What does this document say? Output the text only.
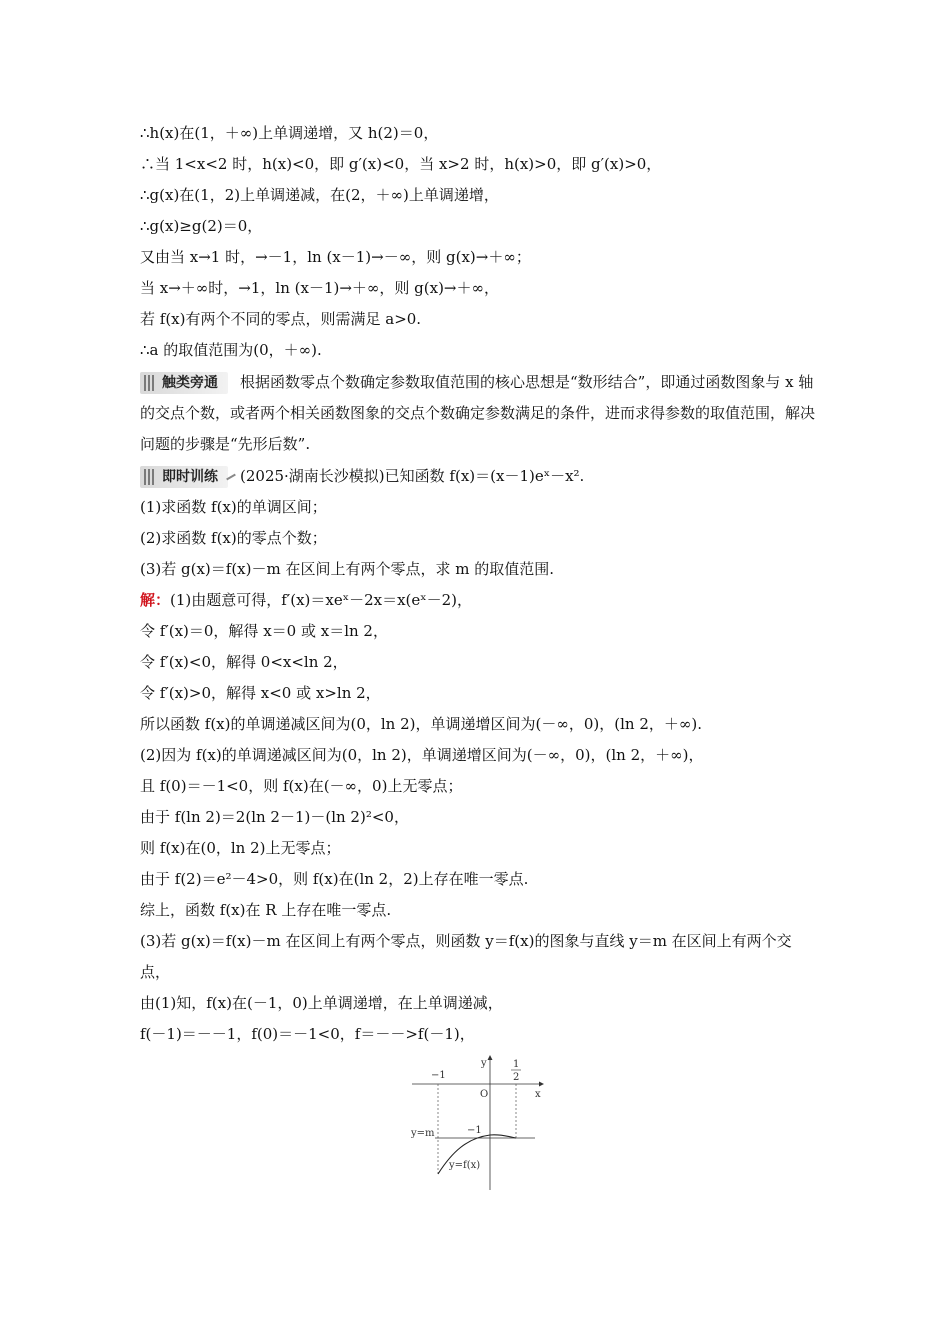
∴h(x)在(1，＋∞)上单调递增，又 h(2)＝0，
∴当 1<x<2 时，h(x)<0，即 g′(x)<0，当 x>2 时，h(x)>0，即 g′(x)>0，
∴g(x)在(1，2)上单调递减，在(2，＋∞)上单调递增，
∴g(x)≥g(2)＝0，
又由当 x→1 时，→－1，ln (x－1)→－∞，则 g(x)→＋∞；
当 x→＋∞时，→1，ln (x－1)→＋∞，则 g(x)→＋∞，
若 f(x)有两个不同的零点，则需满足 a>0.
∴a 的取值范围为(0，＋∞).
触类旁通 根据函数零点个数确定参数取值范围的核心思想是“数形结合”，即通过函数图象与 x 轴的交点个数，或者两个相关函数图象的交点个数确定参数满足的条件，进而求得参数的取值范围，解决问题的步骤是“先形后数”.
即时训练 (2025·湖南长沙模拟)已知函数 f(x)＝(x－1)eˣ－x².
(1)求函数 f(x)的单调区间；
(2)求函数 f(x)的零点个数；
(3)若 g(x)＝f(x)－m 在区间上有两个零点，求 m 的取值范围.
解：(1)由题意可得，f′(x)＝xeˣ－2x＝x(eˣ－2)，
令 f′(x)＝0，解得 x＝0 或 x＝ln 2，
令 f′(x)<0，解得 0<x<ln 2，
令 f′(x)>0，解得 x<0 或 x>ln 2，
所以函数 f(x)的单调递减区间为(0，ln 2)，单调递增区间为(－∞，0)，(ln 2，＋∞).
(2)因为 f(x)的单调递减区间为(0，ln 2)，单调递增区间为(－∞，0)，(ln 2，＋∞)，
且 f(0)＝－1<0，则 f(x)在(－∞，0)上无零点；
由于 f(ln 2)＝2(ln 2－1)－(ln 2)²<0，
则 f(x)在(0，ln 2)上无零点；
由于 f(2)＝e²－4>0，则 f(x)在(ln 2，2)上存在唯一零点.
综上，函数 f(x)在 R 上存在唯一零点.
(3)若 g(x)＝f(x)－m 在区间上有两个零点，则函数 y＝f(x)的图象与直线 y＝m 在区间上有两个交点，
由(1)知，f(x)在(－1，0)上单调递增，在上单调递减，
f(－1)＝－－1，f(0)＝－1<0，f＝－－>f(－1)，
y
x
O
−1
1
2
−1
y=m
y=f(x)
